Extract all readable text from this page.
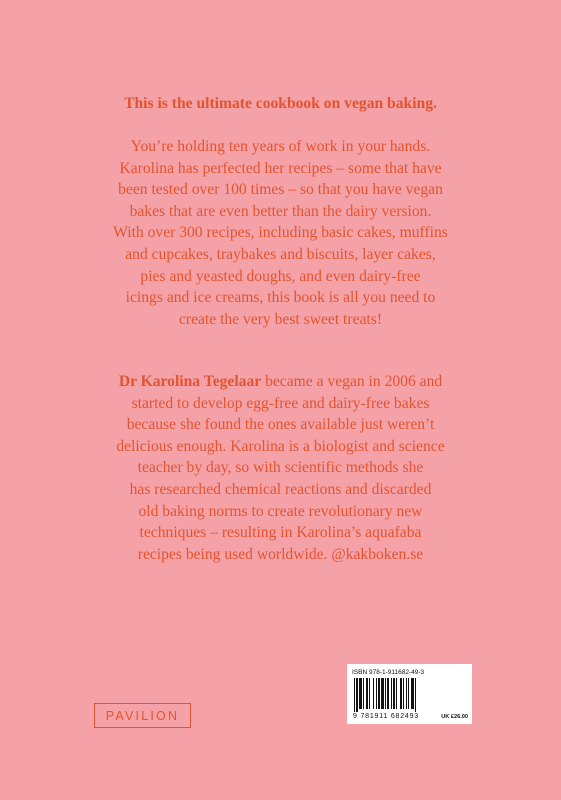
This is the ultimate cookbook on vegan baking.
You’re holding ten years of work in your hands.
Karolina has perfected her recipes – some that have
been tested over 100 times – so that you have vegan
bakes that are even better than the dairy version.
With over 300 recipes, including basic cakes, muffins
and cupcakes, traybakes and biscuits, layer cakes,
pies and yeasted doughs, and even dairy-free
icings and ice creams, this book is all you need to
create the very best sweet treats!
Dr Karolina Tegelaar became a vegan in 2006 and
started to develop egg-free and dairy-free bakes
because she found the ones available just weren’t
delicious enough. Karolina is a biologist and science
teacher by day, so with scientific methods she
has researched chemical reactions and discarded
old baking norms to create revolutionary new
techniques – resulting in Karolina’s aquafaba
recipes being used worldwide. @kakboken.se
PAVILION
ISBN 978-1-911682-49-3
9 781911 682493	UK £26.00
